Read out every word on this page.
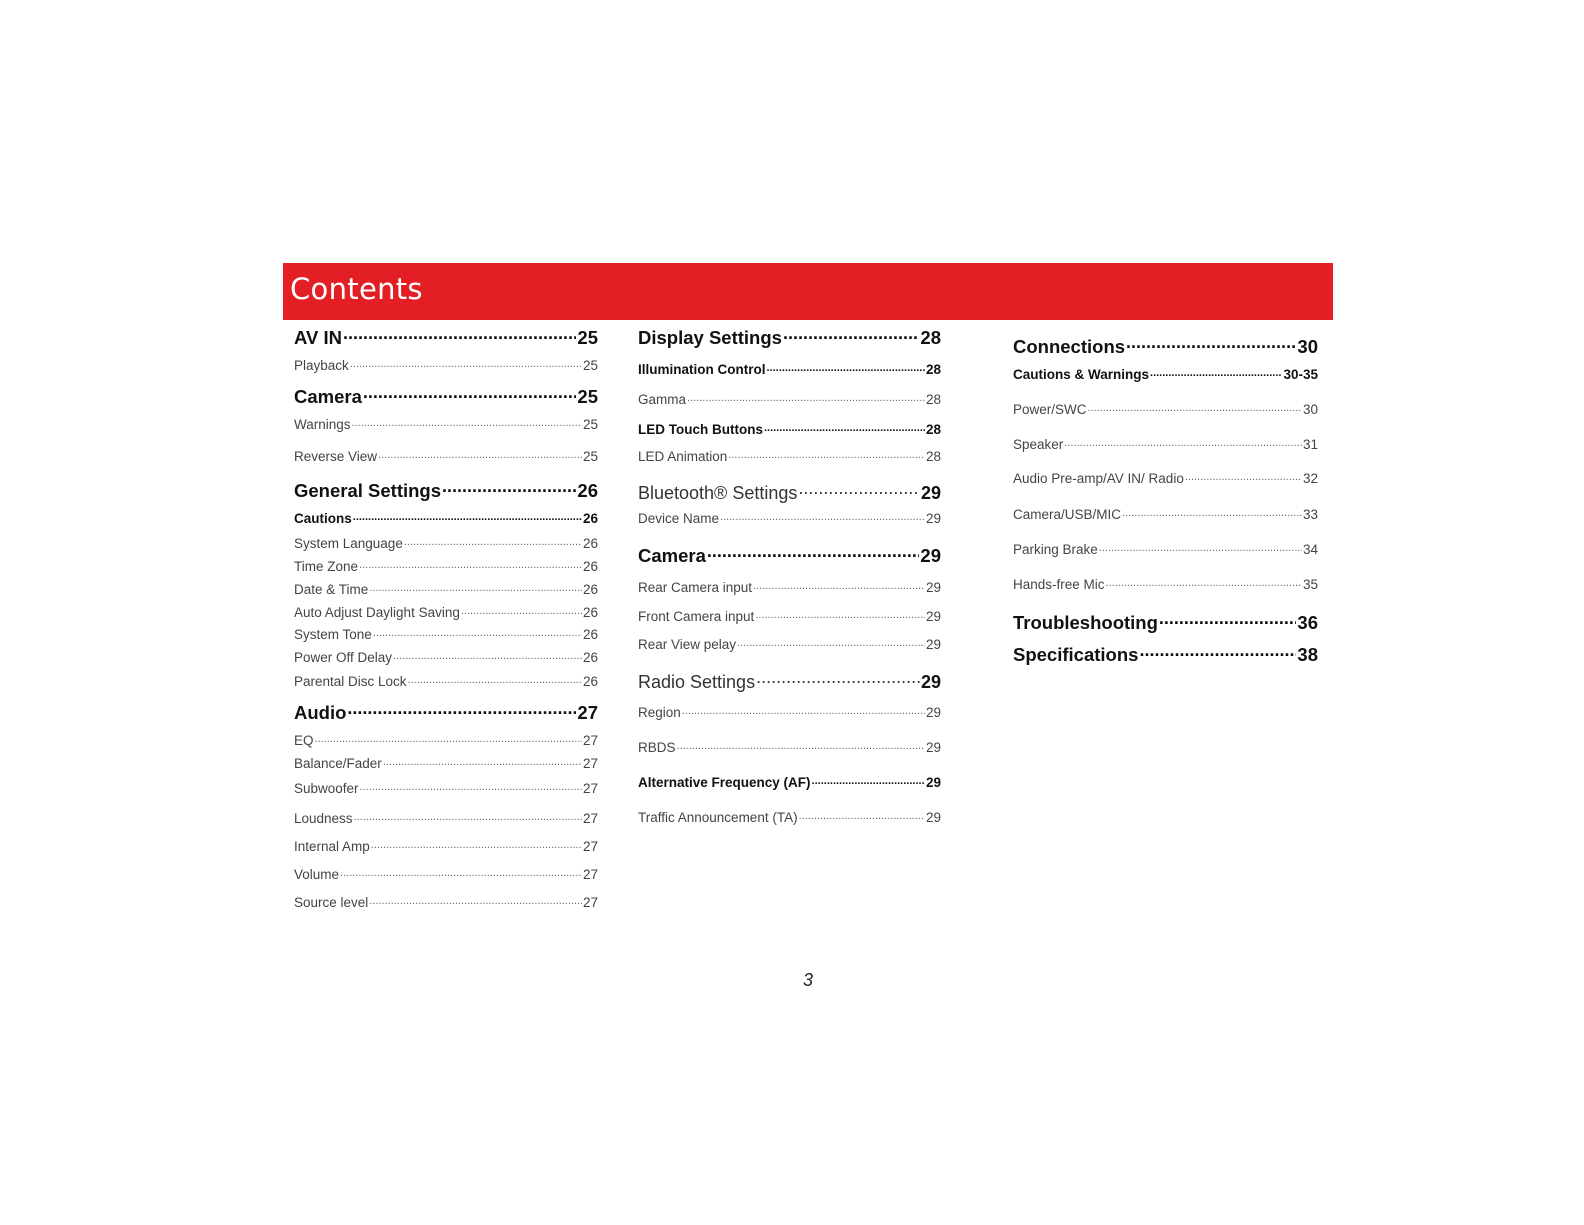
Contents
AV IN .....	25
Playback .....	25
Camera .....	25
Warnings .....	25
Reverse View .....	25
General Settings .....	26
Cautions .....	26
System Language .....	26
Time Zone .....	26
Date & Time .....	26
Auto Adjust Daylight Saving .....	26
System Tone .....	26
Power Off Delay .....	26
Parental Disc Lock .....	26
Audio .....	27
EQ .....	27
Balance/Fader .....	27
Subwoofer .....	27
Loudness .....	27
Internal Amp .....	27
Volume .....	27
Source level .....	27
Display Settings .....	28
Illumination Control .....	28
Gamma .....	28
LED Touch Buttons .....	28
LED Animation .....	28
Bluetooth® Settings .....	29
Device Name .....	29
Camera .....	29
Rear Camera input .....	29
Front Camera input .....	29
Rear View pelay .....	29
Radio Settings .....	29
Region .....	29
RBDS .....	29
Alternative Frequency (AF) .....	29
Traffic Announcement (TA) .....	29
Connections .....	30
Cautions & Warnings .....	30-35
Power/SWC .....	30
Speaker .....	31
Audio Pre-amp/AV IN/ Radio .....	32
Camera/USB/MIC .....	33
Parking Brake .....	34
Hands-free Mic .....	35
Troubleshooting .....	36
Specifications .....	38
3
